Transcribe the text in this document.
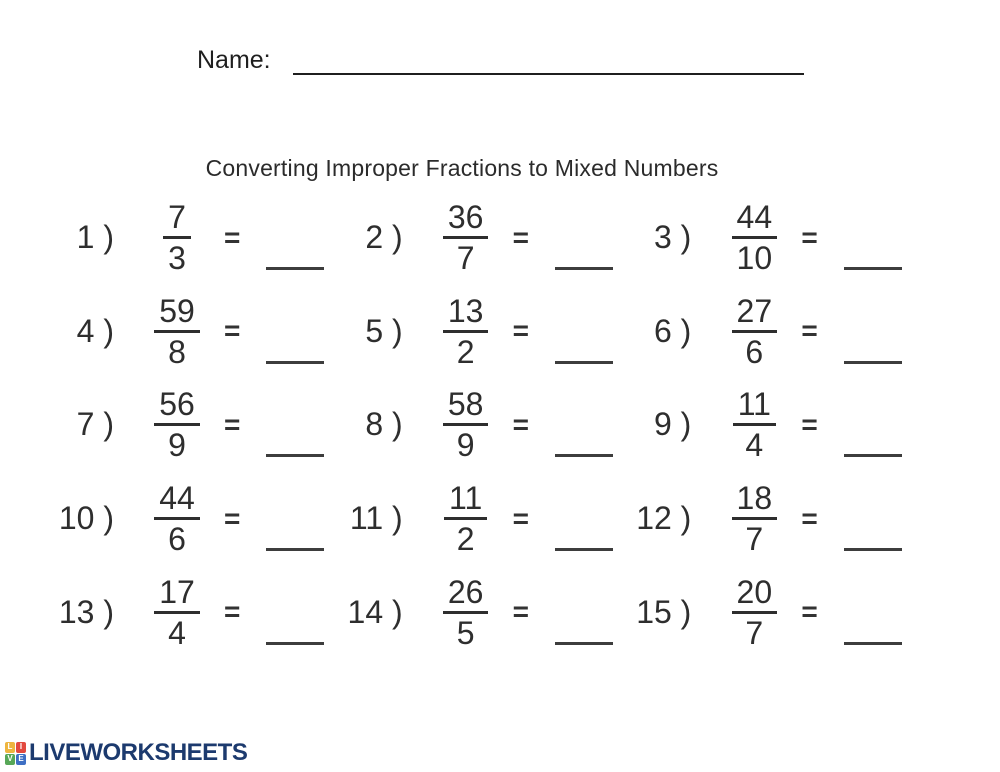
Name:
Converting Improper Fractions to Mixed Numbers
1 ) $\frac{7}{3}$ =	2 ) $\frac{36}{7}$ =	3 ) $\frac{44}{10}$ =
4 ) $\frac{59}{8}$ =	5 ) $\frac{13}{2}$ =	6 ) $\frac{27}{6}$ =
7 ) $\frac{56}{9}$ =	8 ) $\frac{58}{9}$ =	9 ) $\frac{11}{4}$ =
10 ) $\frac{44}{6}$ =	11 ) $\frac{11}{2}$ =	12 ) $\frac{18}{7}$ =
13 ) $\frac{17}{4}$ =	14 ) $\frac{26}{5}$ =	15 ) $\frac{20}{7}$ =
L I
V E LIVEWORKSHEETS
